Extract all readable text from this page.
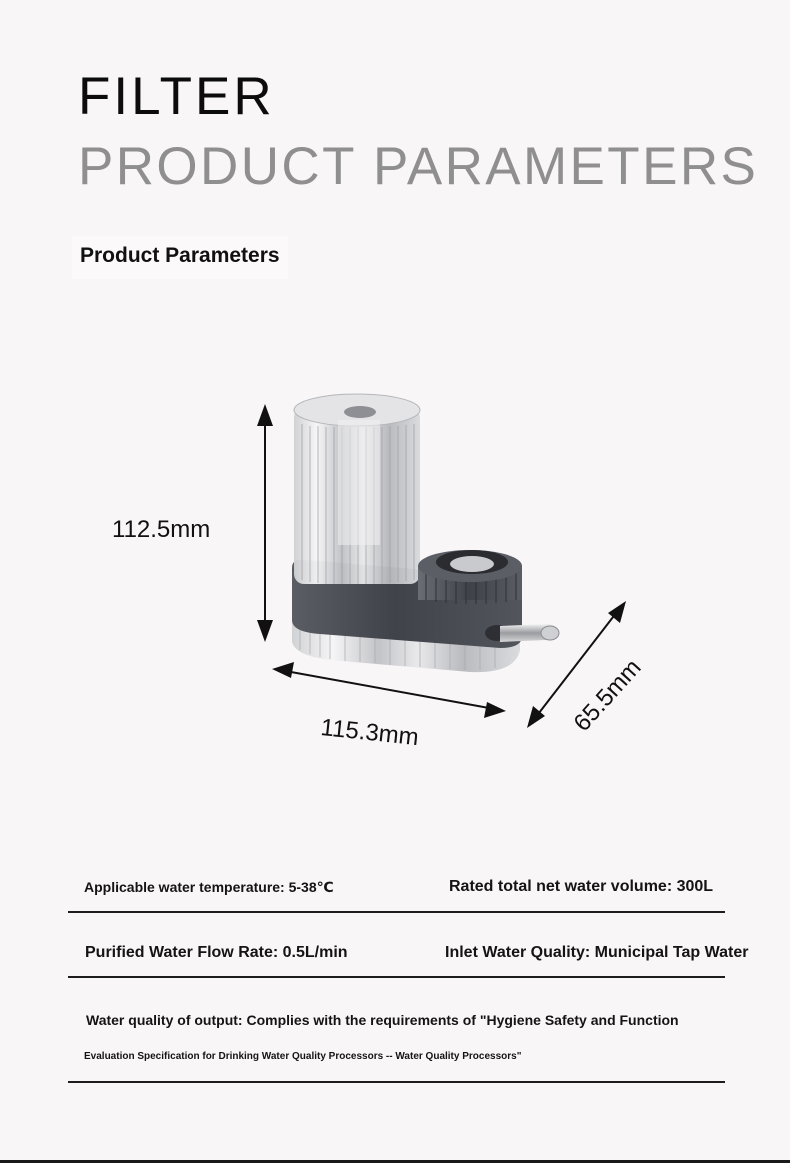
FILTER
PRODUCT PARAMETERS
Product Parameters
112.5mm
115.3mm	65.5mm
Applicable water temperature: 5-38℃	Rated total net water volume: 300L
Purified Water Flow Rate: 0.5L/min	Inlet Water Quality: Municipal Tap Water
Water quality of output: Complies with the requirements of "Hygiene Safety and Function
Evaluation Specification for Drinking Water Quality Processors -- Water Quality Processors"
